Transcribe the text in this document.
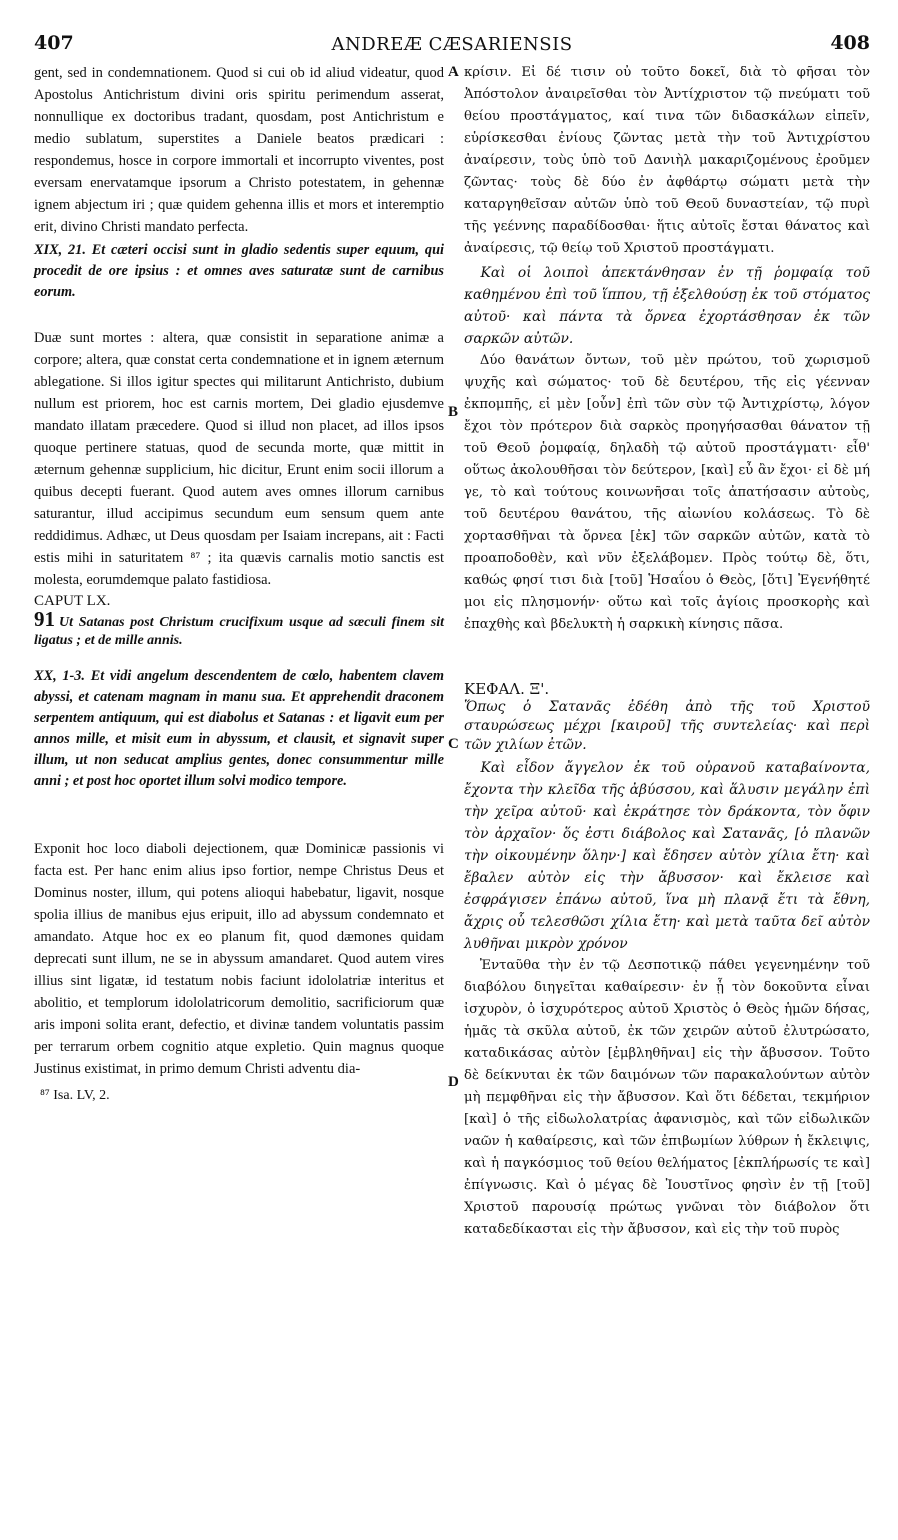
407	ANDREÆ CÆSARIENSIS	408
A
B
C
D

gent, sed in condemnationem. Quod si cui ob id aliud videatur, quod Apostolus Antichristum divini oris spiritu perimendum asserat, nonnullique ex doctoribus tradant, quosdam, post Antichristum e medio sublatum, superstites a Daniele beatos prædicari : respondemus, hosce in corpore immortali et incorrupto viventes, post eversam enervatamque ipsorum a Christo potestatem, in gehennæ ignem abjectum iri ; quæ quidem gehenna illis et mors et interemptio erit, divino Christi mandato perfecta.

XIX, 21. Et cæteri occisi sunt in gladio sedentis super equum, qui procedit de ore ipsius : et omnes aves saturatæ sunt de carnibus eorum.

Duæ sunt mortes : altera, quæ consistit in separatione animæ a corpore; altera, quæ constat certa condemnatione et in ignem æternum ablegatione. Si illos igitur spectes qui militarunt Antichristo, dubium nullum est priorem, hoc est carnis mortem, Dei gladio ejusdemve mandato illatam præcedere. Quod si illud non placet, ad illos ipsos quoque pertinere statuas, quod de secunda morte, quæ mittit in æternum gehennæ supplicium, hic dicitur, Erunt enim socii illorum a quibus decepti fuerant. Quod autem aves omnes illorum carnibus saturantur, illud accipimus secundum eum sensum quem ante reddidimus. Adhæc, ut Deus quosdam per Isaiam increpans, ait : Facti estis mihi in saturitatem ⁸⁷ ; ita quævis carnalis motio sanctis est molesta, eorumdemque palato fastidiosa.

CAPUT LX.

91 Ut Satanas post Christum crucifixum usque ad sæculi finem sit ligatus ; et de mille annis.

XX, 1-3. Et vidi angelum descendentem de cœlo, habentem clavem abyssi, et catenam magnam in manu sua. Et apprehendit draconem serpentem antiquum, qui est diabolus et Satanas : et ligavit eum per annos mille, et misit eum in abyssum, et clausit, et signavit super illum, ut non seducat amplius gentes, donec consummentur mille anni ; et post hoc oportet illum solvi modico tempore.

Exponit hoc loco diaboli dejectionem, quæ Dominicæ passionis vi facta est. Per hanc enim alius ipso fortior, nempe Christus Deus et Dominus noster, illum, qui potens alioqui habebatur, ligavit, nosque spolia illius de manibus ejus eripuit, illo ad abyssum condemnato et amandato. Atque hoc ex eo planum fit, quod dæmones quidam deprecati sunt illum, ne se in abyssum amandaret. Quod autem vires illius sint ligatæ, id testatum nobis faciunt idololatriæ interitus et abolitio, et templorum idololatricorum demolitio, sacrificiorum quæ aris imponi solita erant, defectio, et divinæ tandem voluntatis passim per terrarum orbem cognitio atque expletio. Quin magnus quoque Justinus existimat, in primo demum Christi adventu dia-

⁸⁷ Isa. LV, 2.

κρίσιν. Εἰ δέ τισιν οὐ τοῦτο δοκεῖ, διὰ τὸ φῆσαι τὸν Ἀπόστολον ἀναιρεῖσθαι τὸν Ἀντίχριστον τῷ πνεύματι τοῦ θείου προστάγματος, καί τινα τῶν διδασκάλων εἰπεῖν, εὑρίσκεσθαι ἐνίους ζῶντας μετὰ τὴν τοῦ Ἀντιχρίστου ἀναίρεσιν, τοὺς ὑπὸ τοῦ Δανιὴλ μακαριζομένους ἐροῦμεν ζῶντας· τοὺς δὲ δύο ἐν ἀφθάρτῳ σώματι μετὰ τὴν καταργηθεῖσαν αὐτῶν ὑπὸ τοῦ Θεοῦ δυναστείαν, τῷ πυρὶ τῆς γεέννης παραδίδοσθαι· ἥτις αὐτοῖς ἔσται θάνατος καὶ ἀναίρεσις, τῷ θείῳ τοῦ Χριστοῦ προστάγματι.

Καὶ οἱ λοιποὶ ἀπεκτάνθησαν ἐν τῇ ῥομφαίᾳ τοῦ καθημένου ἐπὶ τοῦ ἵππου, τῇ ἐξελθούσῃ ἐκ τοῦ στόματος αὐτοῦ· καὶ πάντα τὰ ὄρνεα ἐχορτάσθησαν ἐκ τῶν σαρκῶν αὐτῶν.

Δύο θανάτων ὄντων, τοῦ μὲν πρώτου, τοῦ χωρισμοῦ ψυχῆς καὶ σώματος· τοῦ δὲ δευτέρου, τῆς εἰς γέενναν ἐκπομπῆς, εἰ μὲν [οὖν] ἐπὶ τῶν σὺν τῷ Ἀντιχρίστῳ, λόγον ἔχοι τὸν πρότερον διὰ σαρκὸς προηγήσασθαι θάνατον τῇ τοῦ Θεοῦ ῥομφαίᾳ, δηλαδὴ τῷ αὐτοῦ προστάγματι· εἶθ' οὕτως ἀκολουθῆσαι τὸν δεύτερον, [καὶ] εὖ ἂν ἔχοι· εἰ δὲ μή γε, τὸ καὶ τούτους κοινωνῆσαι τοῖς ἀπατήσασιν αὐτοὺς, τοῦ δευτέρου θανάτου, τῆς αἰωνίου κολάσεως. Τὸ δὲ χορτασθῆναι τὰ ὄρνεα [ἐκ] τῶν σαρκῶν αὐτῶν, κατὰ τὸ προαποδοθὲν, καὶ νῦν ἐξελάβομεν. Πρὸς τούτῳ δὲ, ὅτι, καθώς φησί τισι διὰ [τοῦ] Ἡσαΐου ὁ Θεὸς, [ὅτι] Ἐγενήθητέ μοι εἰς πλησμονήν· οὕτω καὶ τοῖς ἁγίοις προσκορὴς καὶ ἐπαχθὴς καὶ βδελυκτὴ ἡ σαρκικὴ κίνησις πᾶσα.

ΚΕΦΑΛ. Ξ'.

Ὅπως ὁ Σατανᾶς ἐδέθη ἀπὸ τῆς τοῦ Χριστοῦ σταυρώσεως μέχρι [καιροῦ] τῆς συντελείας· καὶ περὶ τῶν χιλίων ἐτῶν.

Καὶ εἶδον ἄγγελον ἐκ τοῦ οὐρανοῦ καταβαίνοντα, ἔχοντα τὴν κλεῖδα τῆς ἀβύσσου, καὶ ἅλυσιν μεγάλην ἐπὶ τὴν χεῖρα αὐτοῦ· καὶ ἐκράτησε τὸν δράκοντα, τὸν ὄφιν τὸν ἀρχαῖον· ὅς ἐστι διάβολος καὶ Σατανᾶς, [ὁ πλανῶν τὴν οἰκουμένην ὅλην·] καὶ ἔδησεν αὐτὸν χίλια ἔτη· καὶ ἔβαλεν αὐτὸν εἰς τὴν ἄβυσσον· καὶ ἔκλεισε καὶ ἐσφράγισεν ἐπάνω αὐτοῦ, ἵνα μὴ πλανᾷ ἔτι τὰ ἔθνη, ἄχρις οὗ τελεσθῶσι χίλια ἔτη· καὶ μετὰ ταῦτα δεῖ αὐτὸν λυθῆναι μικρὸν χρόνον

Ἐνταῦθα τὴν ἐν τῷ Δεσποτικῷ πάθει γεγενημένην τοῦ διαβόλου διηγεῖται καθαίρεσιν· ἐν ᾗ τὸν δοκοῦντα εἶναι ἰσχυρὸν, ὁ ἰσχυρότερος αὐτοῦ Χριστὸς ὁ Θεὸς ἡμῶν δήσας, ἡμᾶς τὰ σκῦλα αὐτοῦ, ἐκ τῶν χειρῶν αὐτοῦ ἐλυτρώσατο, καταδικάσας αὐτὸν [ἐμβληθῆναι] εἰς τὴν ἄβυσσον. Τοῦτο δὲ δείκνυται ἐκ τῶν δαιμόνων τῶν παρακαλούντων αὐτὸν μὴ πεμφθῆναι εἰς τὴν ἄβυσσον. Καὶ ὅτι δέδεται, τεκμήριον [καὶ] ὁ τῆς εἰδωλολατρίας ἀφανισμὸς, καὶ τῶν εἰδωλικῶν ναῶν ἡ καθαίρεσις, καὶ τῶν ἐπιβωμίων λύθρων ἡ ἔκλειψις, καὶ ἡ παγκόσμιος τοῦ θείου θελήματος [ἐκπλήρωσίς τε καὶ] ἐπίγνωσις. Καὶ ὁ μέγας δὲ Ἰουστῖνος φησὶν ἐν τῇ [τοῦ] Χριστοῦ παρουσίᾳ πρώτως γνῶναι τὸν διάβολον ὅτι καταδεδίκασται εἰς τὴν ἄβυσσον, καὶ εἰς τὴν τοῦ πυρὸς
